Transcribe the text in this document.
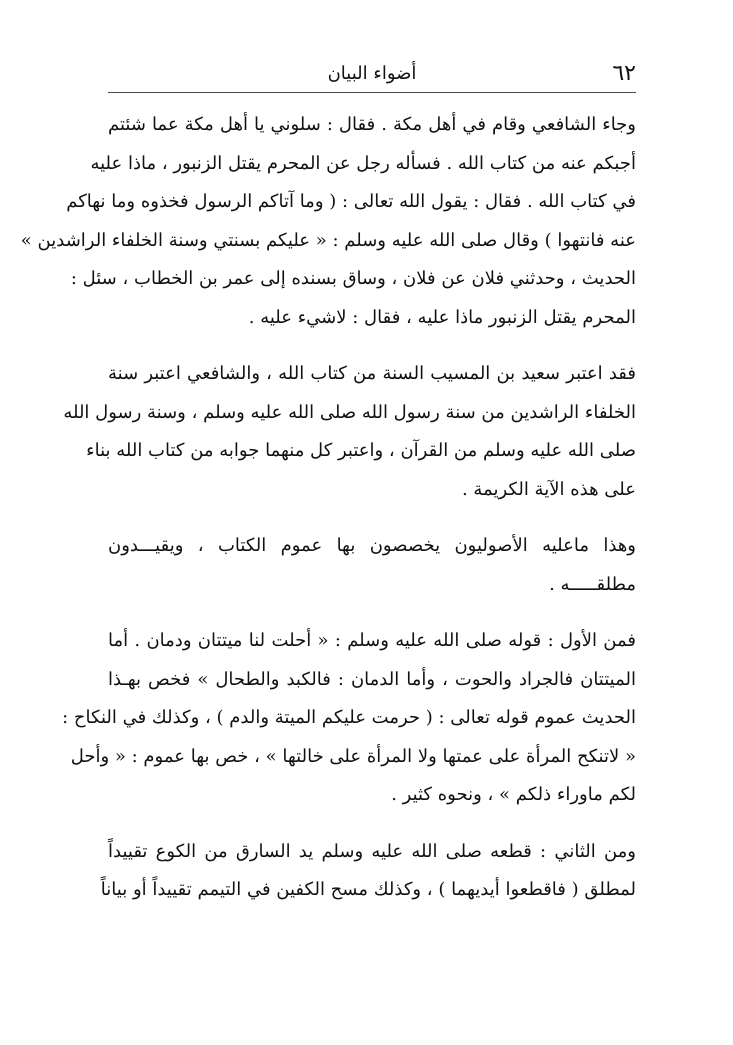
٦٢
أضواء البيان
وجاء الشافعي وقام في أهل مكة . فقال : سلوني يا أهل مكة عما شئتم
أجبكم عنه من كتاب الله . فسأله رجل عن المحرم يقتل الزنبور ، ماذا عليه
في كتاب الله . فقال : يقول الله تعالى : ( وما آتاكم الرسول فخذوه وما نهاكم
عنه فانتهوا ) وقال صلى الله عليه وسلم : « عليكم بسنتي وسنة الخلفاء الراشدين »
الحديث ، وحدثني فلان عن فلان ، وساق بسنده إلى عمر بن الخطاب ، سئل :
المحرم يقتل الزنبور ماذا عليه ، فقال : لاشيء عليه .
فقد اعتبر سعيد بن المسيب السنة من كتاب الله ، والشافعي اعتبر سنة
الخلفاء الراشدين من سنة رسول الله صلى الله عليه وسلم ، وسنة رسول الله
صلى الله عليه وسلم من القرآن ، واعتبر كل منهما جوابه من كتاب الله بناء
على هذه الآية الكريمة .
وهذا ماعليه الأصوليون يخصصون بها عموم الكتاب ، ويقيـــدون
مطلقـــــه .
فمن الأول : قوله صلى الله عليه وسلم : « أحلت لنا ميتتان ودمان . أما
الميتتان فالجراد والحوت ، وأما الدمان : فالكبد والطحال » فخص بهـذا
الحديث عموم قوله تعالى : ( حرمت عليكم الميتة والدم ) ، وكذلك في النكاح :
« لاتنكح المرأة على عمتها ولا المرأة على خالتها » ، خص بها عموم : « وأحل
لكم ماوراء ذلكم » ، ونحوه كثير .
ومن الثاني : قطعه صلى الله عليه وسلم يد السارق من الكوع تقييداً
لمطلق ( فاقطعوا أيديهما ) ، وكذلك مسح الكفين في التيمم تقييداً أو بياناً
